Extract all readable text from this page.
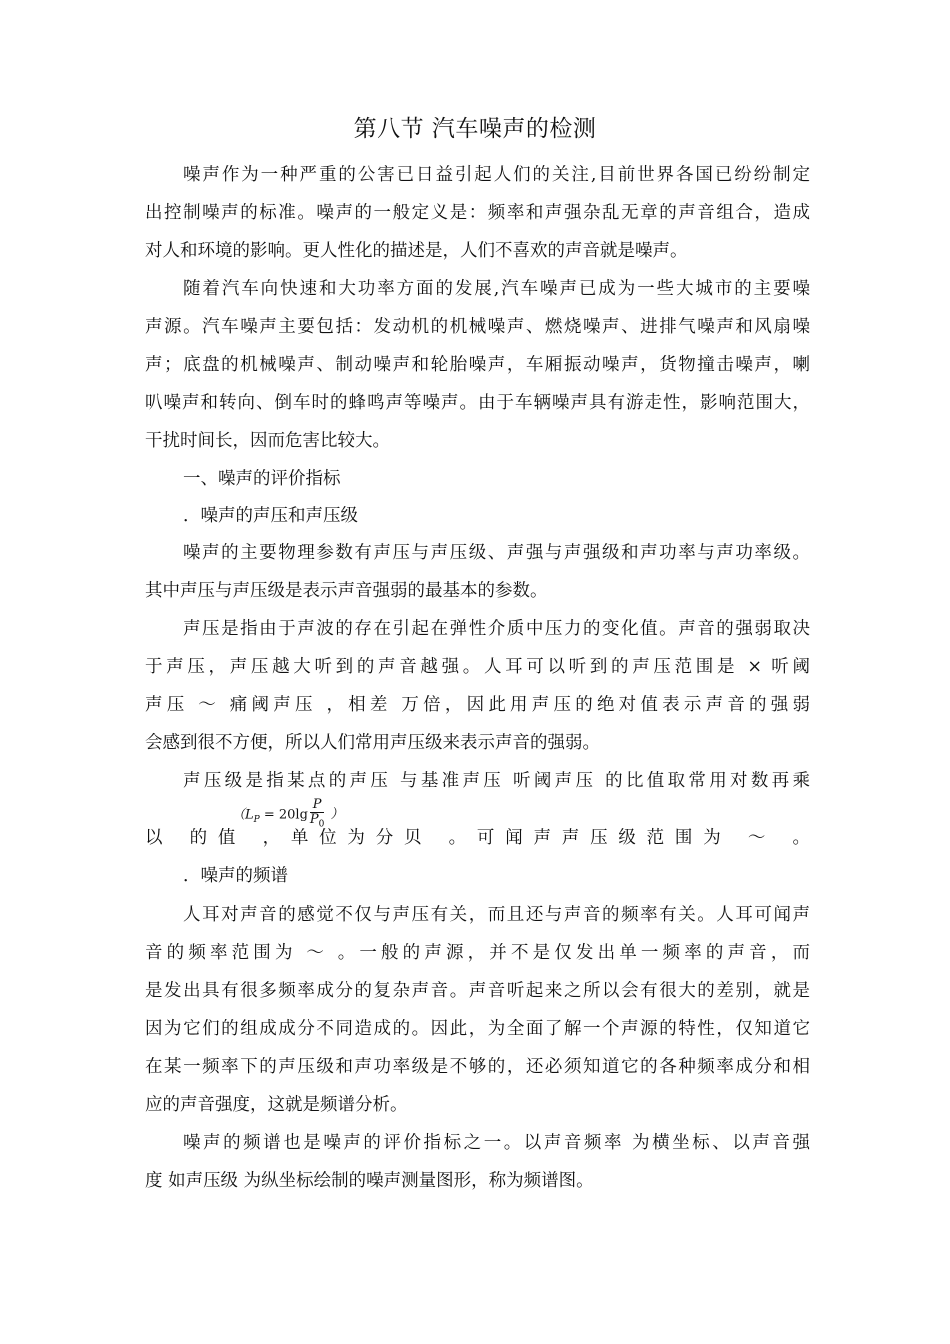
第八节 汽车噪声的检测
噪声作为一种严重的公害已日益引起人们的关注,目前世界各国已纷纷制定
出控制噪声的标准。噪声的一般定义是：频率和声强杂乱无章的声音组合，造成
对人和环境的影响。更人性化的描述是，人们不喜欢的声音就是噪声。
随着汽车向快速和大功率方面的发展,汽车噪声已成为一些大城市的主要噪
声源。汽车噪声主要包括：发动机的机械噪声、燃烧噪声、进排气噪声和风扇噪
声；底盘的机械噪声、制动噪声和轮胎噪声，车厢振动噪声，货物撞击噪声，喇
叭噪声和转向、倒车时的蜂鸣声等噪声。由于车辆噪声具有游走性，影响范围大，
干扰时间长，因而危害比较大。
一、噪声的评价指标
．噪声的声压和声压级
噪声的主要物理参数有声压与声压级、声强与声强级和声功率与声功率级。
其中声压与声压级是表示声音强弱的最基本的参数。
声压是指由于声波的存在引起在弹性介质中压力的变化值。声音的强弱取决
于声压，声压越大听到的声音越强。人耳可以听到的声压范围是 × 听阈
声压 ～ 痛阈声压 ，相差 万倍，因此用声压的绝对值表示声音的强弱
会感到很不方便，所以人们常用声压级来表示声音的强弱。
声压级是指某点的声压 与基准声压 听阈声压 的比值取常用对数再乘
（$L_P = 20\lg \frac{P}{P_0}$ ）
以 的值 ，单位为分贝 。可闻声声压级范围为 ～ 。
．噪声的频谱
人耳对声音的感觉不仅与声压有关，而且还与声音的频率有关。人耳可闻声
音的频率范围为 ～ 。一般的声源，并不是仅发出单一频率的声音，而
是发出具有很多频率成分的复杂声音。声音听起来之所以会有很大的差别，就是
因为它们的组成成分不同造成的。因此，为全面了解一个声源的特性，仅知道它
在某一频率下的声压级和声功率级是不够的，还必须知道它的各种频率成分和相
应的声音强度，这就是频谱分析。
噪声的频谱也是噪声的评价指标之一。以声音频率 为横坐标、以声音强
度 如声压级 为纵坐标绘制的噪声测量图形，称为频谱图。
